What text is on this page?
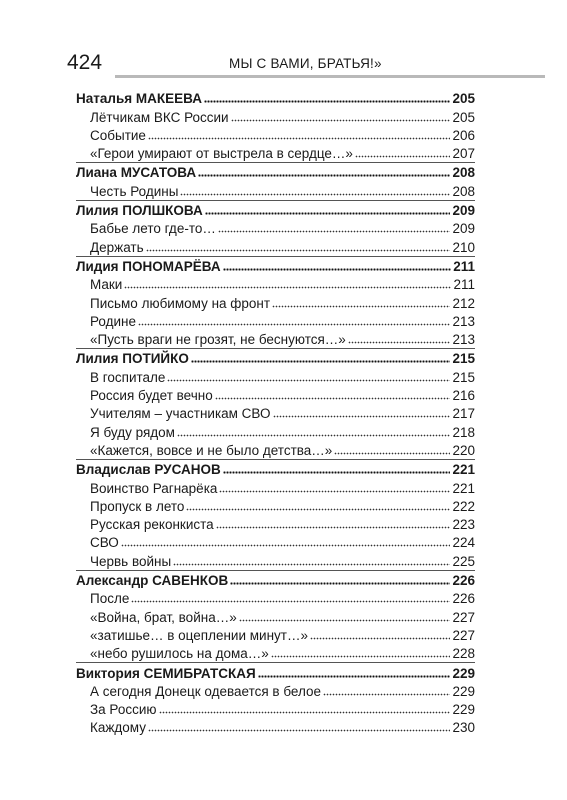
424	МЫ С ВАМИ, БРАТЬЯ!»
Наталья МАКЕЕВА	205
Лётчикам ВКС России	205
Событие	206
«Герои умирают от выстрела в сердце…»	207
Лиана МУСАТОВА	208
Честь Родины	208
Лилия ПОЛШКОВА	209
Бабье лето где-то…	209
Держать	210
Лидия ПОНОМАРЁВА	211
Маки	211
Письмо любимому на фронт	212
Родине	213
«Пусть враги не грозят, не беснуются…»	213
Лилия ПОТИЙКО	215
В госпитале	215
Россия будет вечно	216
Учителям – участникам СВО	217
Я буду рядом	218
«Кажется, вовсе и не было детства…»	220
Владислав РУСАНОВ	221
Воинство Рагнарёка	221
Пропуск в лето	222
Русская реконкиста	223
СВО	224
Червь войны	225
Александр САВЕНКОВ	226
После	226
«Война, брат, война…»	227
«затишье… в оцеплении минут…»	227
«небо рушилось на дома…»	228
Виктория СЕМИБРАТСКАЯ	229
А сегодня Донецк одевается в белое	229
За Россию	229
Каждому	230
